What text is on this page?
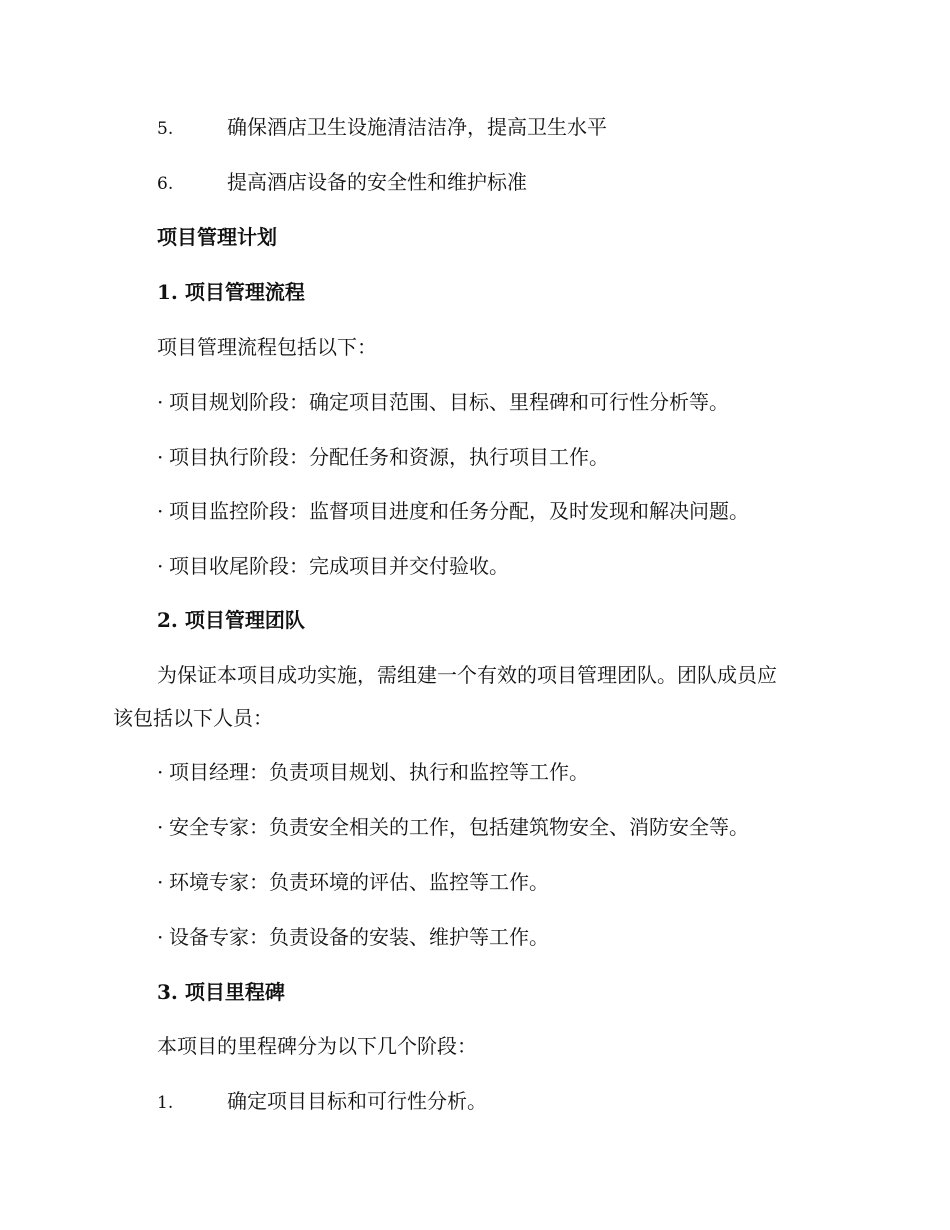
5.	确保酒店卫生设施清洁洁净，提高卫生水平
6.	提高酒店设备的安全性和维护标准
项目管理计划
1. 项目管理流程
项目管理流程包括以下：
· 项目规划阶段：确定项目范围、目标、里程碑和可行性分析等。
· 项目执行阶段：分配任务和资源，执行项目工作。
· 项目监控阶段：监督项目进度和任务分配，及时发现和解决问题。
· 项目收尾阶段：完成项目并交付验收。
2. 项目管理团队
为保证本项目成功实施，需组建一个有效的项目管理团队。团队成员应
该包括以下人员：
· 项目经理：负责项目规划、执行和监控等工作。
· 安全专家：负责安全相关的工作，包括建筑物安全、消防安全等。
· 环境专家：负责环境的评估、监控等工作。
· 设备专家：负责设备的安装、维护等工作。
3. 项目里程碑
本项目的里程碑分为以下几个阶段：
1.	确定项目目标和可行性分析。
